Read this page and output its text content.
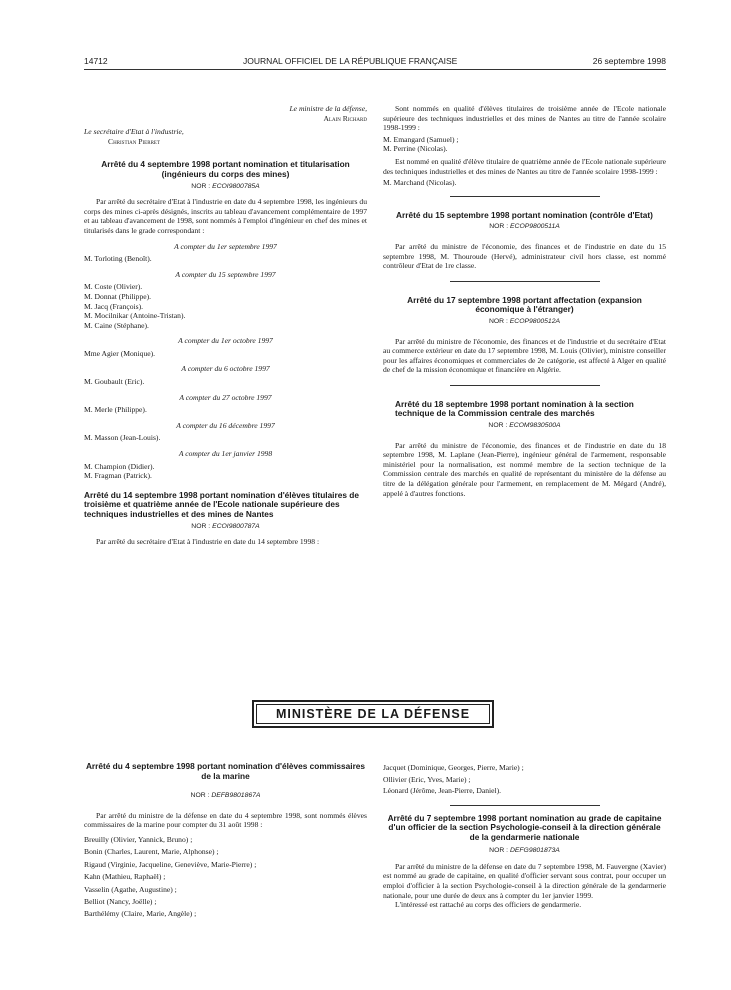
14712	JOURNAL OFFICIEL DE LA RÉPUBLIQUE FRANÇAISE	26 septembre 1998
Le ministre de la défense,
Alain Richard
Le secrétaire d'Etat à l'industrie,
Christian Pierret
Arrêté du 4 septembre 1998 portant nomination et titularisation (ingénieurs du corps des mines)
NOR : ECOI9800785A

Par arrêté du secrétaire d'Etat à l'industrie en date du 4 septembre 1998, les ingénieurs du corps des mines ci-après désignés, inscrits au tableau d'avancement complémentaire de 1997 et au tableau d'avancement de 1998, sont nommés à l'emploi d'ingénieur en chef des mines et titularisés dans le grade correspondant :

A compter du 1er septembre 1997
M. Torloting (Benoît).
A compter du 15 septembre 1997
M. Coste (Olivier).
M. Donnat (Philippe).
M. Jacq (François).
M. Mocilnikar (Antoine-Tristan).
M. Caine (Stéphane).
A compter du 1er octobre 1997
Mme Agier (Monique).
A compter du 6 octobre 1997
M. Goubault (Eric).
A compter du 27 octobre 1997
M. Merle (Philippe).
A compter du 16 décembre 1997
M. Masson (Jean-Louis).
A compter du 1er janvier 1998
M. Champion (Didier).
M. Fragman (Patrick).
Arrêté du 14 septembre 1998 portant nomination d'élèves titulaires de troisième et quatrième année de l'Ecole nationale supérieure des techniques industrielles et des mines de Nantes
NOR : ECOI9800787A

Par arrêté du secrétaire d'Etat à l'industrie en date du 14 septembre 1998 :

Sont nommés en qualité d'élèves titulaires de troisième année de l'Ecole nationale supérieure des techniques industrielles et des mines de Nantes au titre de l'année scolaire 1998-1999 :

M. Emangard (Samuel) ;
M. Perrine (Nicolas).

Est nommé en qualité d'élève titulaire de quatrième année de l'Ecole nationale supérieure des techniques industrielles et des mines de Nantes au titre de l'année scolaire 1998-1999 :

M. Marchand (Nicolas).
Arrêté du 15 septembre 1998 portant nomination (contrôle d'Etat)
NOR : ECOP9800511A

Par arrêté du ministre de l'économie, des finances et de l'industrie en date du 15 septembre 1998, M. Thouroude (Hervé), administrateur civil hors classe, est nommé contrôleur d'Etat de 1re classe.

Arrêté du 17 septembre 1998 portant affectation (expansion économique à l'étranger)
NOR : ECOP9800512A

Par arrêté du ministre de l'économie, des finances et de l'industrie et du secrétaire d'Etat au commerce extérieur en date du 17 septembre 1998, M. Louis (Olivier), ministre conseiller pour les affaires économiques et commerciales de 2e catégorie, est affecté à Alger en qualité de chef de la mission économique et financière en Algérie.

Arrêté du 18 septembre 1998 portant nomination à la section technique de la Commission centrale des marchés
NOR : ECOM9830500A

Par arrêté du ministre de l'économie, des finances et de l'industrie en date du 18 septembre 1998, M. Laplane (Jean-Pierre), ingénieur général de l'armement, responsable ministériel pour la normalisation, est nommé membre de la section technique de la Commission centrale des marchés en qualité de représentant du ministère de la défense au titre de la délégation générale pour l'armement, en remplacement de M. Mégard (André), appelé à d'autres fonctions.

MINISTÈRE DE LA DÉFENSE
Arrêté du 4 septembre 1998 portant nomination d'élèves commissaires de la marine
NOR : DEFB9801867A

Par arrêté du ministre de la défense en date du 4 septembre 1998, sont nommés élèves commissaires de la marine pour compter du 31 août 1998 :

Breuilly (Olivier, Yannick, Bruno) ;
Bonin (Charles, Laurent, Marie, Alphonse) ;
Rigaud (Virginie, Jacqueline, Geneviève, Marie-Pierre) ;
Kahn (Mathieu, Raphaël) ;
Vasselin (Agathe, Augustine) ;
Belliot (Nancy, Joëlle) ;
Barthélémy (Claire, Marie, Angèle) ;
Jacquet (Dominique, Georges, Pierre, Marie) ;
Ollivier (Eric, Yves, Marie) ;
Léonard (Jérôme, Jean-Pierre, Daniel).
Arrêté du 7 septembre 1998 portant nomination au grade de capitaine d'un officier de la section Psychologie-conseil à la direction générale de la gendarmerie nationale
NOR : DEFG9801873A

Par arrêté du ministre de la défense en date du 7 septembre 1998, M. Fauvergne (Xavier) est nommé au grade de capitaine, en qualité d'officier servant sous contrat, pour occuper un emploi d'officier à la section Psychologie-conseil à la direction générale de la gendarmerie nationale, pour une durée de deux ans à compter du 1er janvier 1999.

L'intéressé est rattaché au corps des officiers de gendarmerie.
